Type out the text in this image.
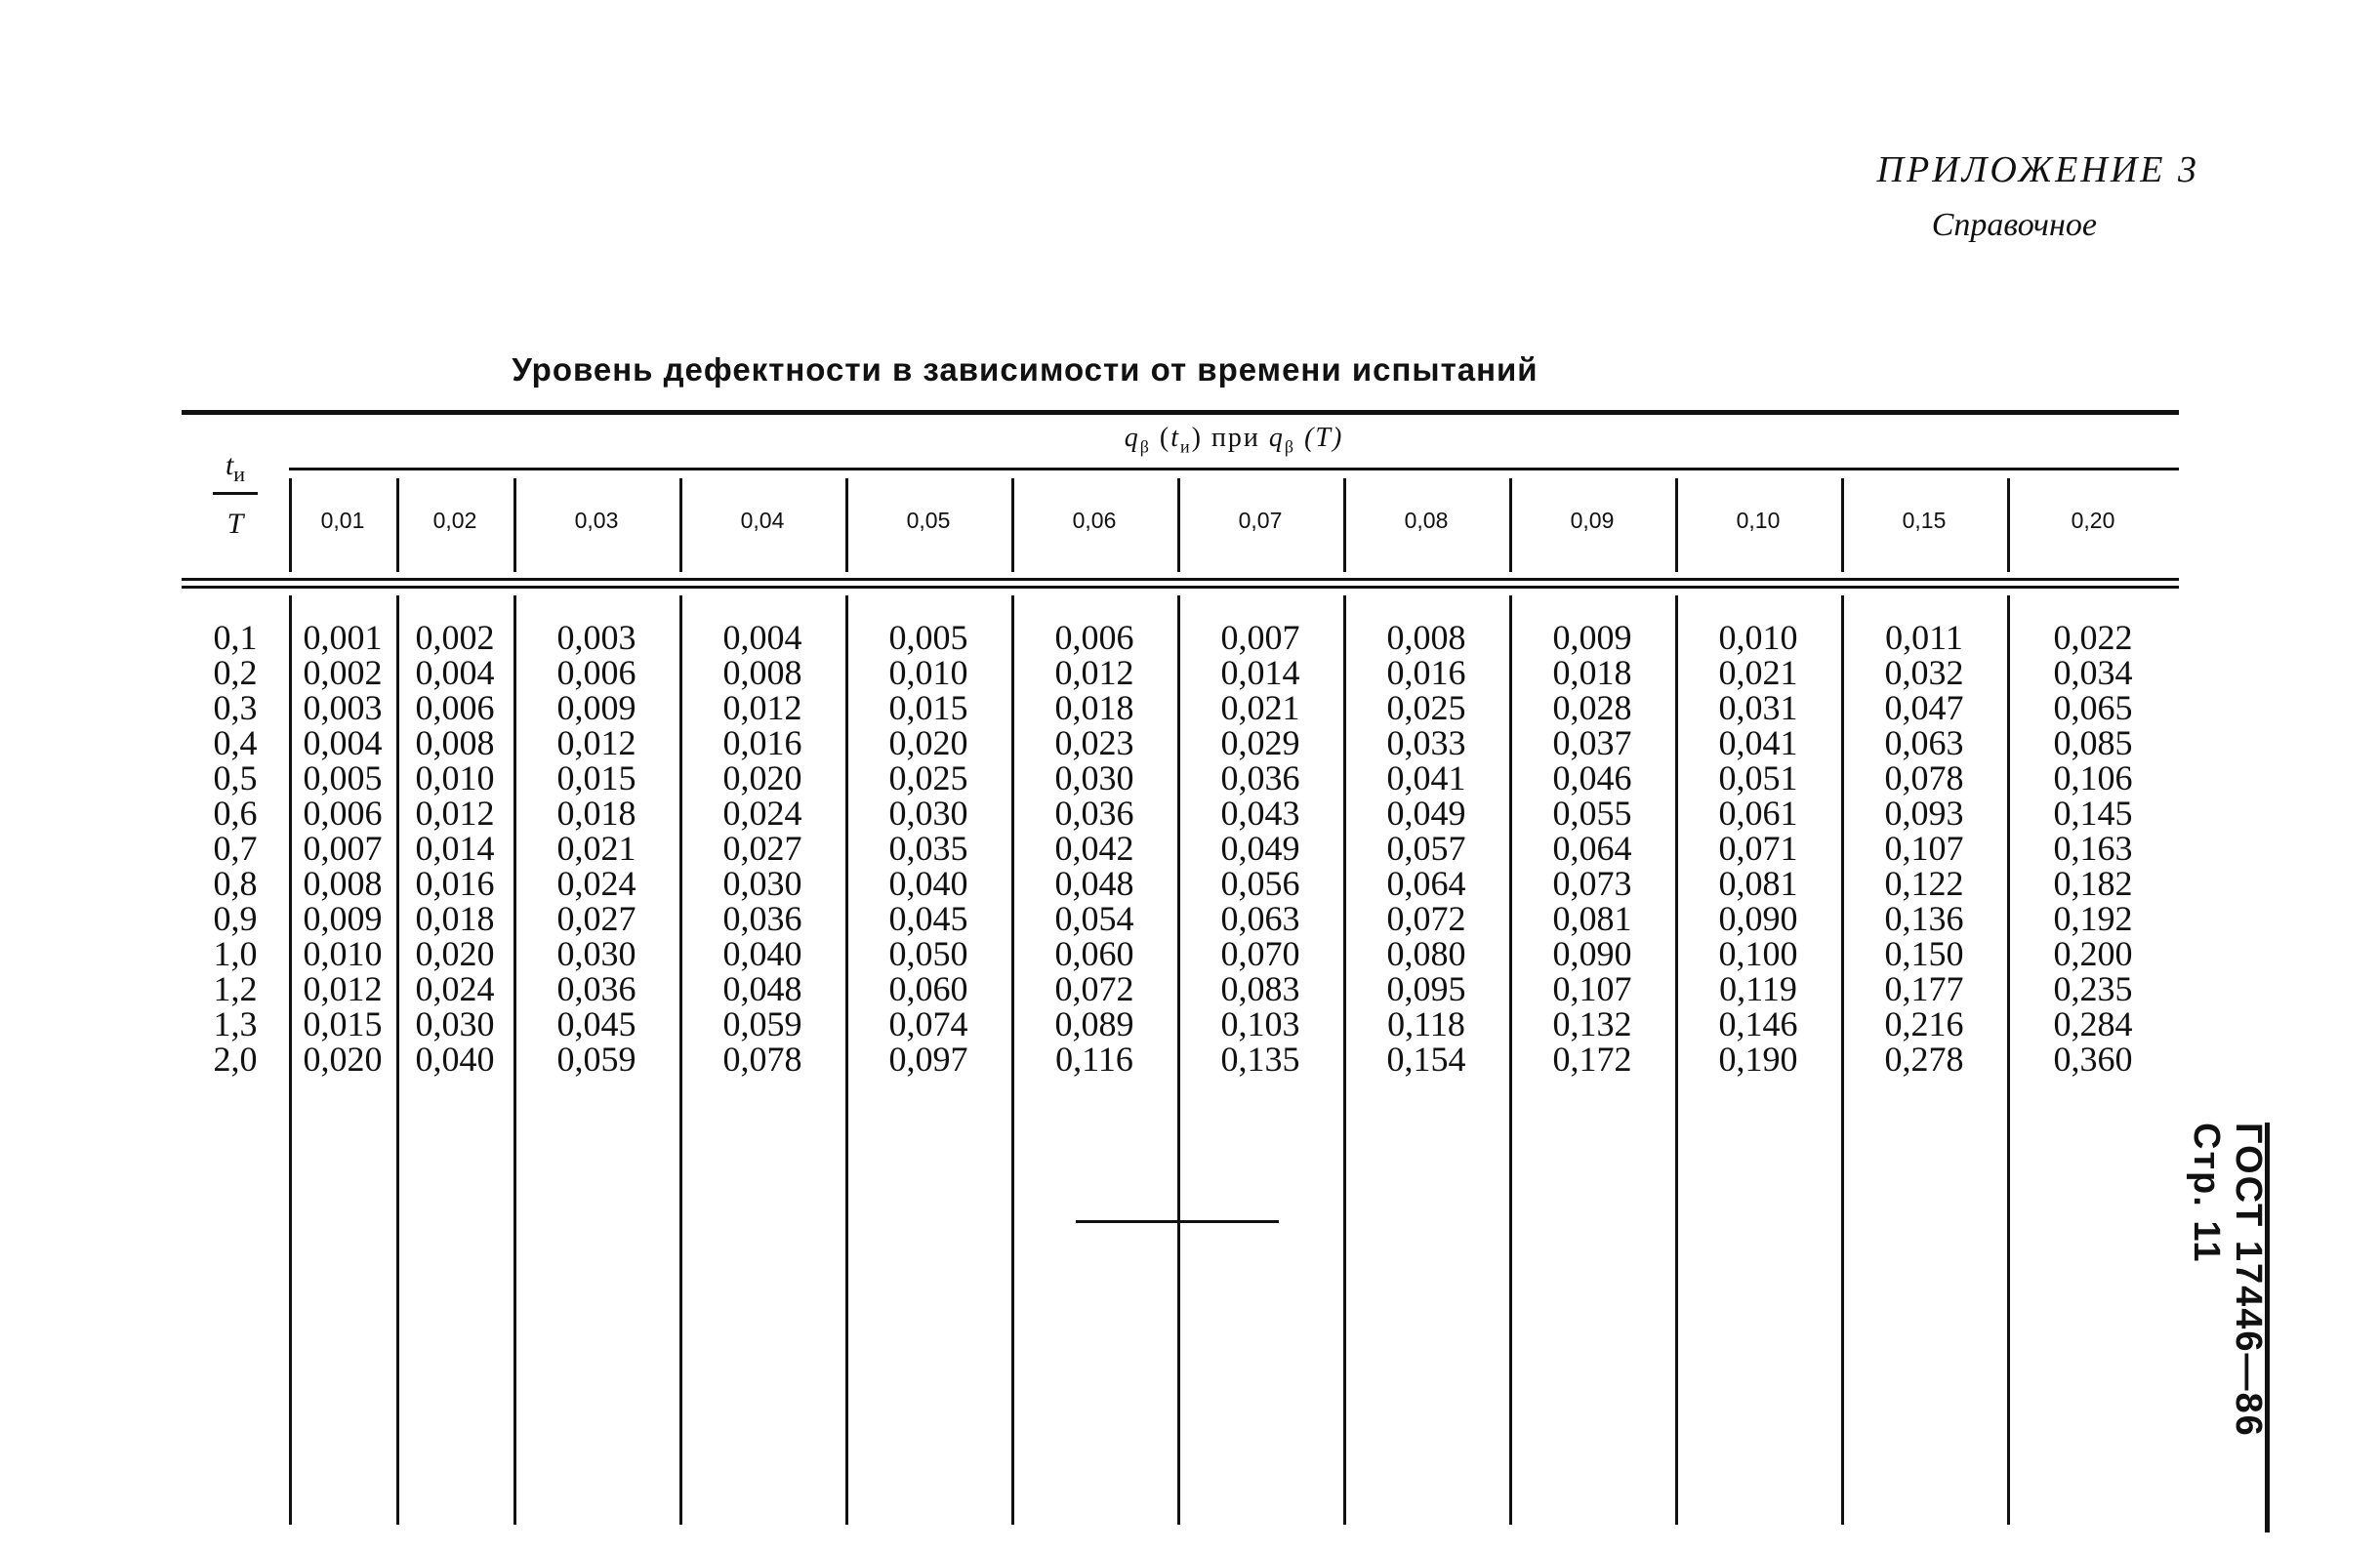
ПРИЛОЖЕНИЕ 3
Справочное
Уровень дефектности в зависимости от времени испытаний
$t_и$
T
$q_\beta$ $(t_и)$ при $q_\beta$ (T)
0,1
0,2
0,3
0,4
0,5
0,6
0,7
0,8
0,9
1,0
1,2
1,3
2,0
0,01
0,001
0,002
0,003
0,004
0,005
0,006
0,007
0,008
0,009
0,010
0,012
0,015
0,020
0,02
0,002
0,004
0,006
0,008
0,010
0,012
0,014
0,016
0,018
0,020
0,024
0,030
0,040
0,03
0,003
0,006
0,009
0,012
0,015
0,018
0,021
0,024
0,027
0,030
0,036
0,045
0,059
0,04
0,004
0,008
0,012
0,016
0,020
0,024
0,027
0,030
0,036
0,040
0,048
0,059
0,078
0,05
0,005
0,010
0,015
0,020
0,025
0,030
0,035
0,040
0,045
0,050
0,060
0,074
0,097
0,06
0,006
0,012
0,018
0,023
0,030
0,036
0,042
0,048
0,054
0,060
0,072
0,089
0,116
0,07
0,007
0,014
0,021
0,029
0,036
0,043
0,049
0,056
0,063
0,070
0,083
0,103
0,135
0,08
0,008
0,016
0,025
0,033
0,041
0,049
0,057
0,064
0,072
0,080
0,095
0,118
0,154
0,09
0,009
0,018
0,028
0,037
0,046
0,055
0,064
0,073
0,081
0,090
0,107
0,132
0,172
0,10
0,010
0,021
0,031
0,041
0,051
0,061
0,071
0,081
0,090
0,100
0,119
0,146
0,190
0,15
0,011
0,032
0,047
0,063
0,078
0,093
0,107
0,122
0,136
0,150
0,177
0,216
0,278
0,20
0,022
0,034
0,065
0,085
0,106
0,145
0,163
0,182
0,192
0,200
0,235
0,284
0,360
ГОСТ 17446—86 Стр. 11
